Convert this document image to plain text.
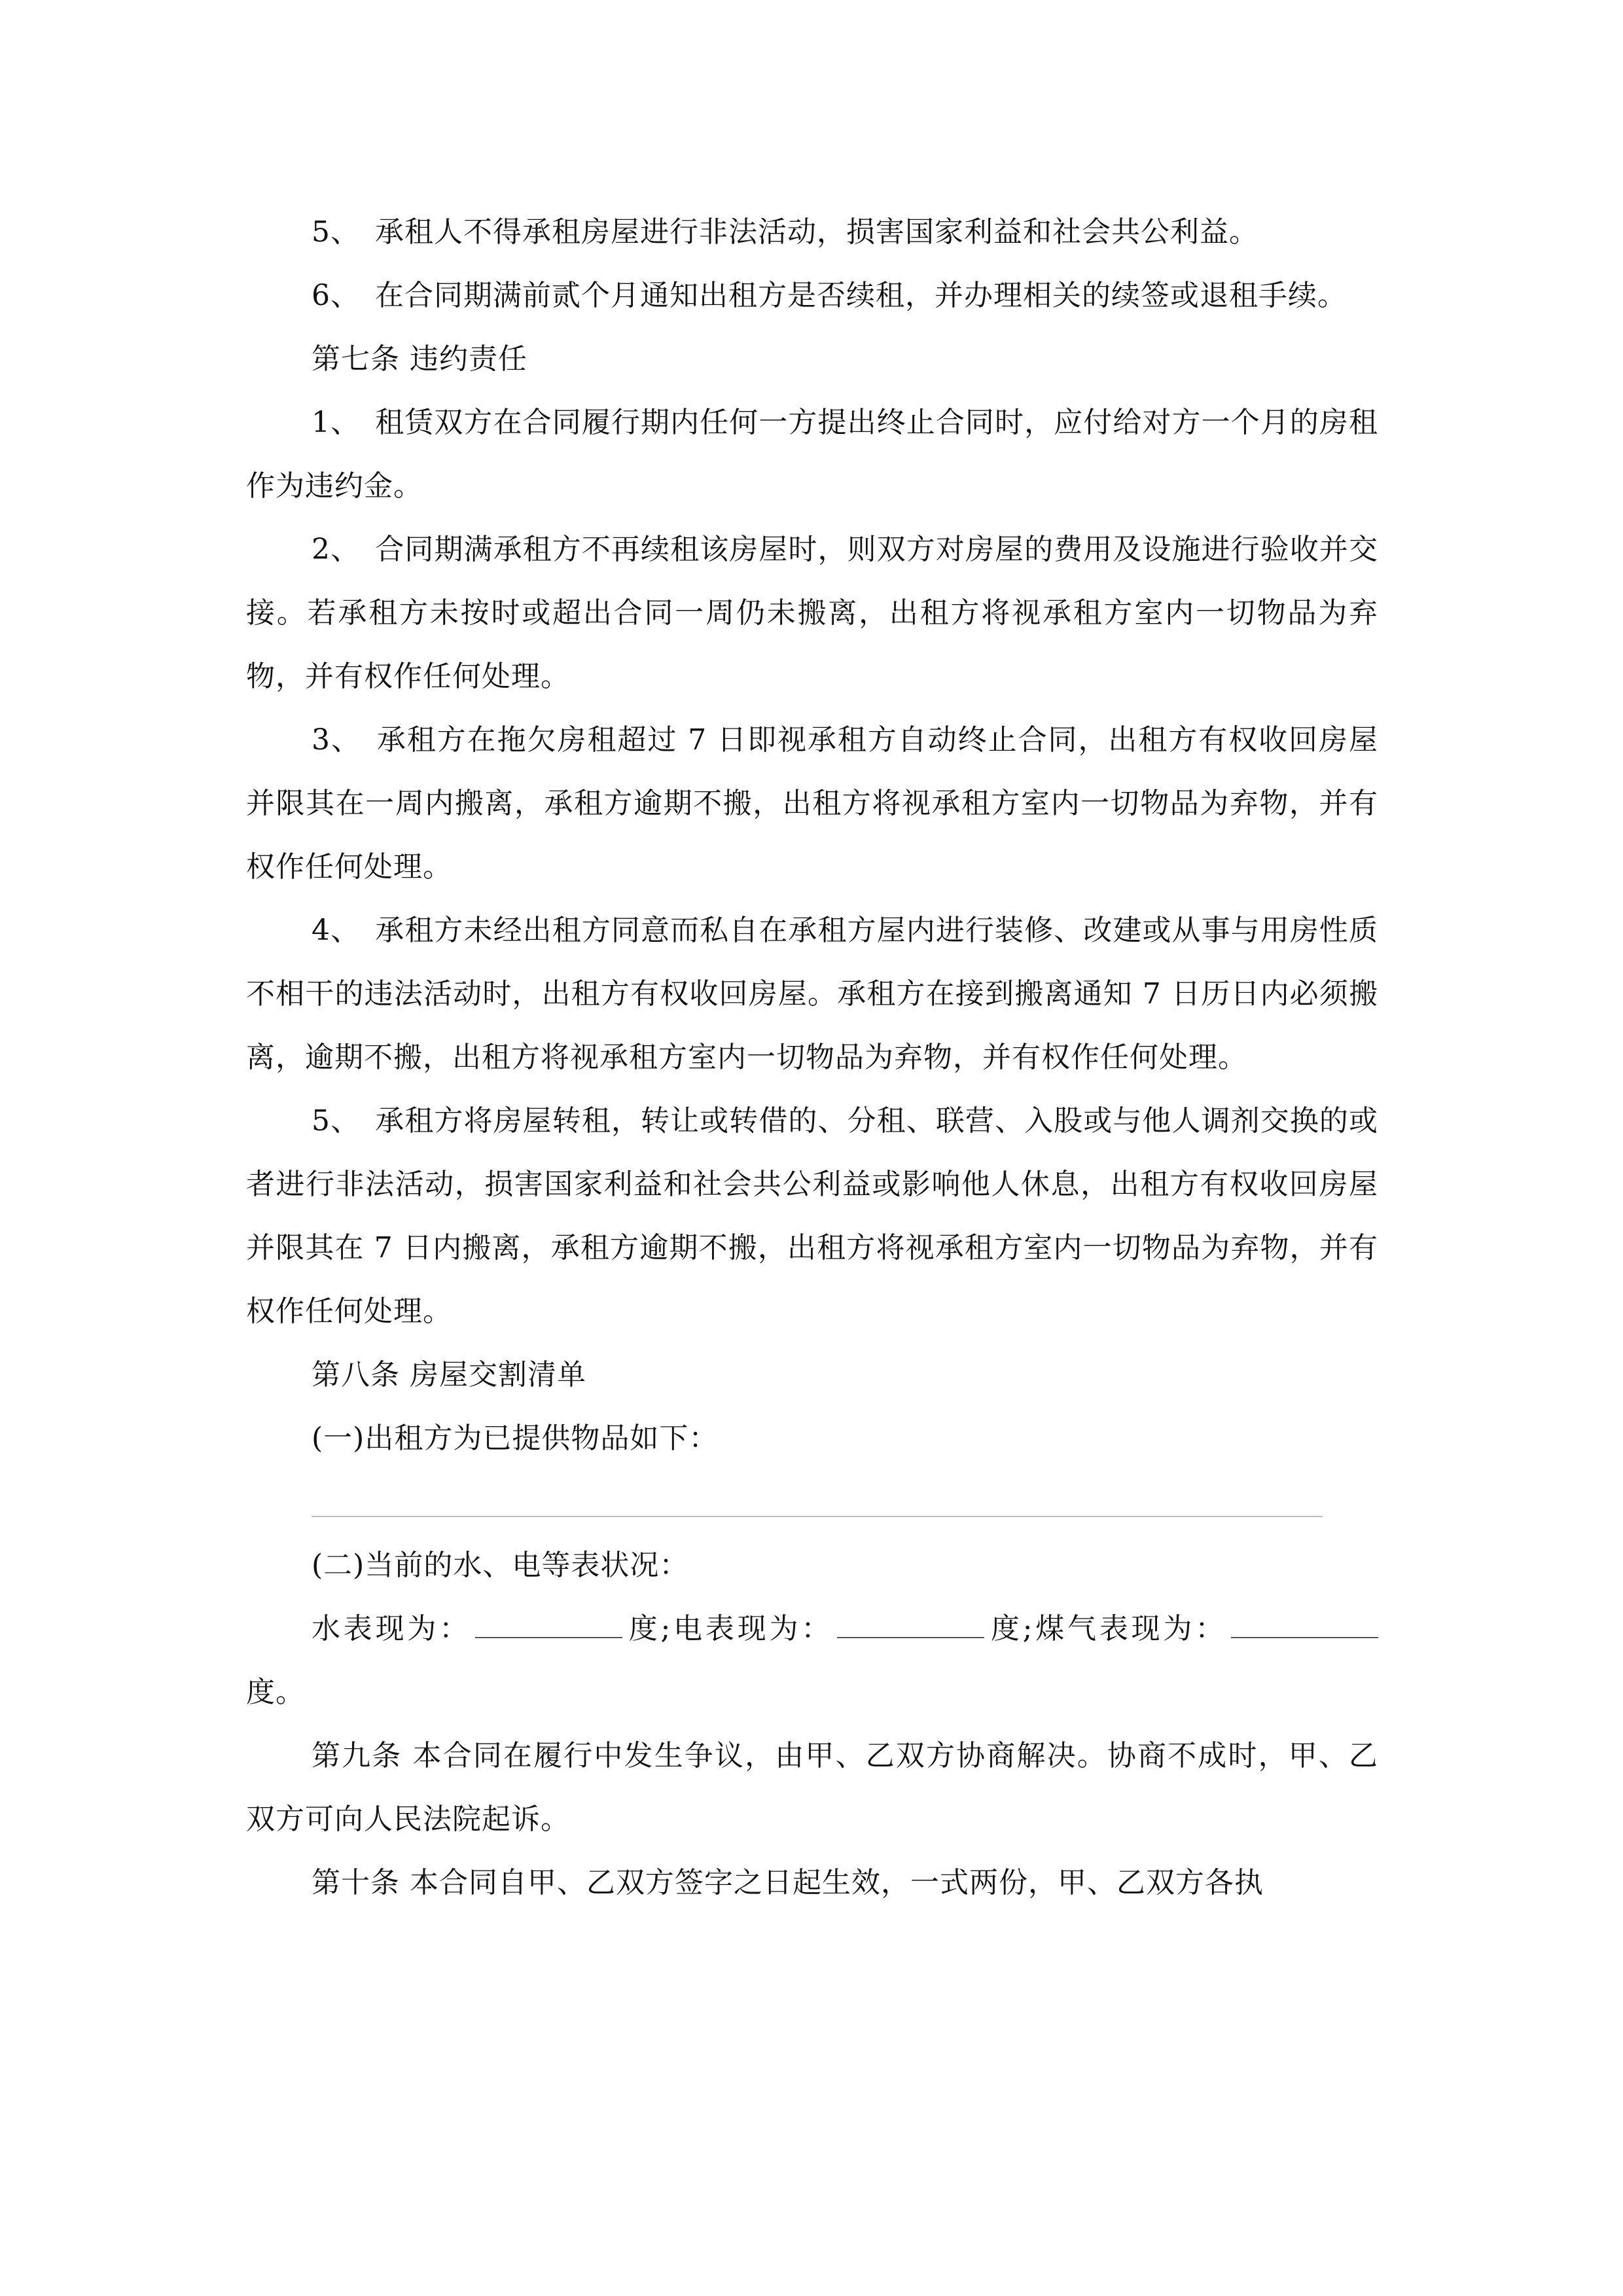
5、　承租人不得承租房屋进行非法活动，损害国家利益和社会共公利益。

6、　在合同期满前贰个月通知出租方是否续租，并办理相关的续签或退租手续。

第七条 违约责任

1、　租赁双方在合同履行期内任何一方提出终止合同时，应付给对方一个月的房租作为违约金。

2、　合同期满承租方不再续租该房屋时，则双方对房屋的费用及设施进行验收并交接。若承租方未按时或超出合同一周仍未搬离，出租方将视承租方室内一切物品为弃物，并有权作任何处理。

3、　承租方在拖欠房租超过 7 日即视承租方自动终止合同，出租方有权收回房屋并限其在一周内搬离，承租方逾期不搬，出租方将视承租方室内一切物品为弃物，并有权作任何处理。

4、　承租方未经出租方同意而私自在承租方屋内进行装修、改建或从事与用房性质不相干的违法活动时，出租方有权收回房屋。承租方在接到搬离通知 7 日历日内必须搬离，逾期不搬，出租方将视承租方室内一切物品为弃物，并有权作任何处理。

5、　承租方将房屋转租，转让或转借的、分租、联营、入股或与他人调剂交换的或者进行非法活动，损害国家利益和社会共公利益或影响他人休息，出租方有权收回房屋并限其在 7 日内搬离，承租方逾期不搬，出租方将视承租方室内一切物品为弃物，并有权作任何处理。

第八条 房屋交割清单

(一)出租方为已提供物品如下：

(二)当前的水、电等表状况：

水表现为：	度;电表现为：	度;煤气表现为：度。

第九条 本合同在履行中发生争议，由甲、乙双方协商解决。协商不成时，甲、乙双方可向人民法院起诉。

第十条 本合同自甲、乙双方签字之日起生效，一式两份，甲、乙双方各执
